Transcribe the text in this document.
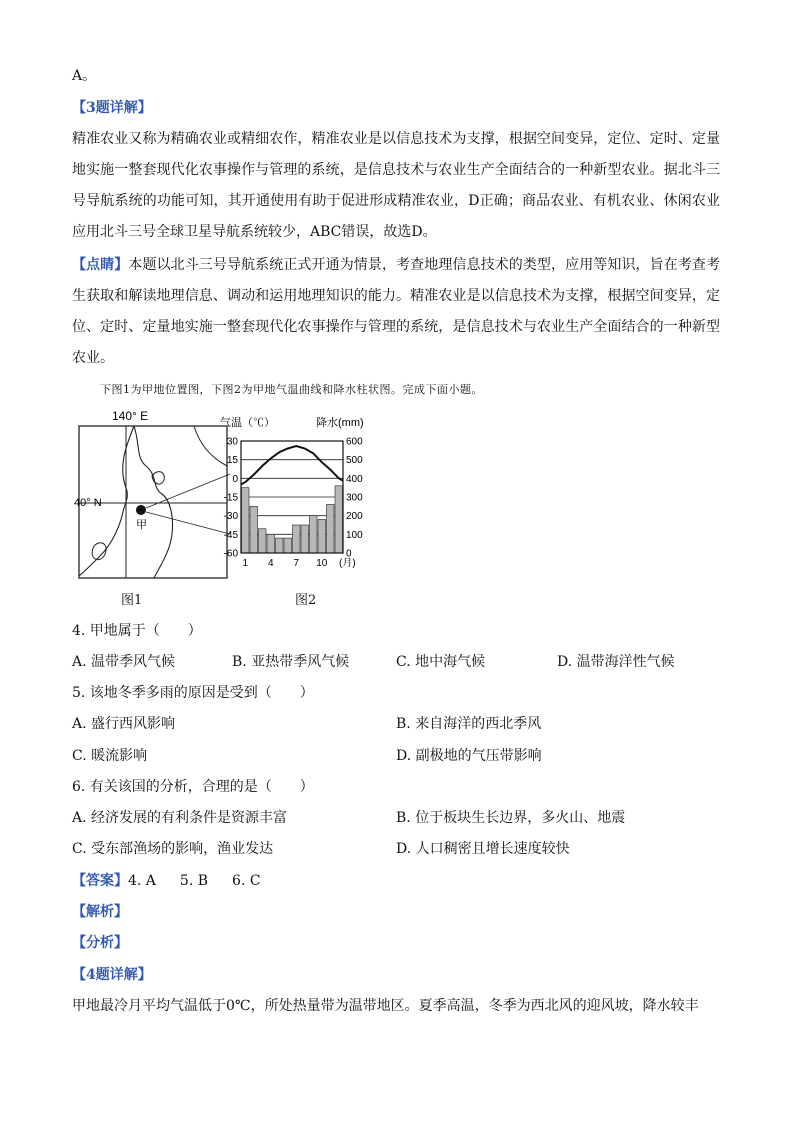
A。
【3题详解】
精准农业又称为精确农业或精细农作，精准农业是以信息技术为支撑，根据空间变异，定位、定时、定量地实施一整套现代化农事操作与管理的系统，是信息技术与农业生产全面结合的一种新型农业。据北斗三号导航系统的功能可知，其开通使用有助于促进形成精准农业，D正确；商品农业、有机农业、休闲农业应用北斗三号全球卫星导航系统较少，ABC错误，故选D。
【点睛】本题以北斗三号导航系统正式开通为情景，考查地理信息技术的类型，应用等知识，旨在考查考生获取和解读地理信息、调动和运用地理知识的能力。精准农业是以信息技术为支撑，根据空间变异，定位、定时、定量地实施一整套现代化农事操作与管理的系统，是信息技术与农业生产全面结合的一种新型农业。
下图1为甲地位置图，下图2为甲地气温曲线和降水柱状图。完成下面小题。
甲
140° E
40° N
气温（℃）	降水(mm)
30
15
0
-15
-30
-45
-60
600
500
400
300
200
100
0
1 4 7 10 (月)
图1	图2
4. 甲地属于（　　）
A. 温带季风气候	B. 亚热带季风气候	C. 地中海气候	D. 温带海洋性气候
5. 该地冬季多雨的原因是受到（　　）
A. 盛行西风影响	B. 来自海洋的西北季风
C. 暖流影响	D. 副极地的气压带影响
6. 有关该国的分析，合理的是（　　）
A. 经济发展的有利条件是资源丰富	B. 位于板块生长边界，多火山、地震
C. 受东部渔场的影响，渔业发达	D. 人口稠密且增长速度较快
【答案】4. A 5. B 6. C
【解析】
【分析】
【4题详解】
甲地最冷月平均气温低于0℃，所处热量带为温带地区。夏季高温，冬季为西北风的迎风坡，降水较丰
